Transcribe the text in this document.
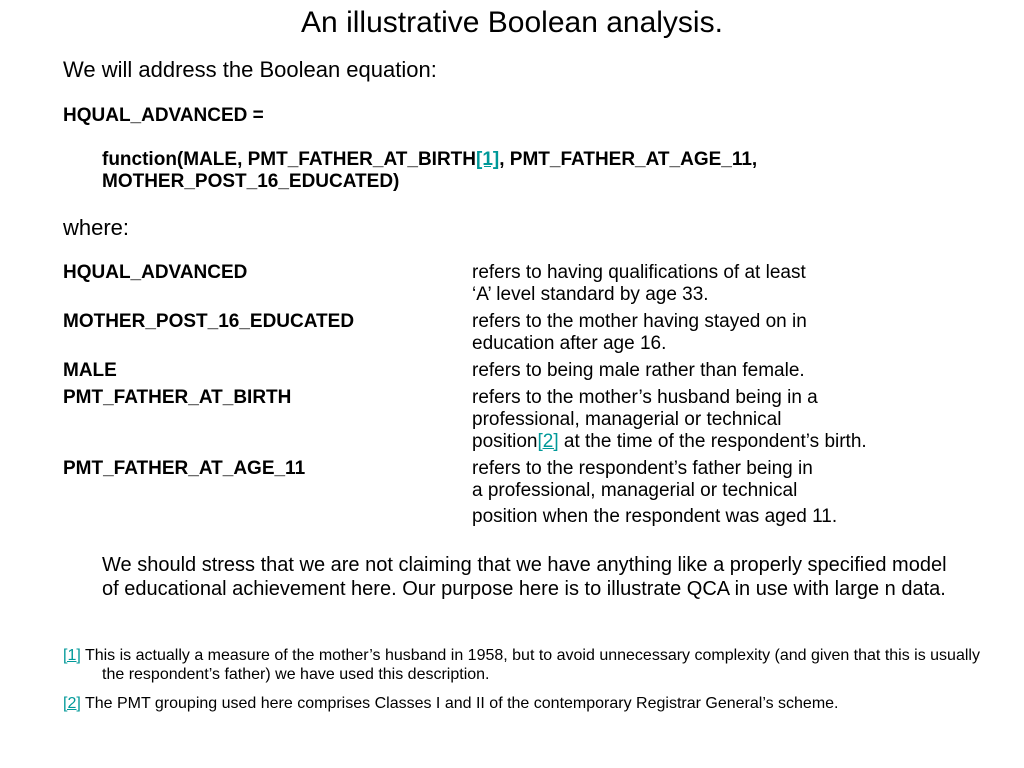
An illustrative Boolean analysis.
We will address the Boolean equation:
HQUAL_ADVANCED =
function(MALE, PMT_FATHER_AT_BIRTH[1], PMT_FATHER_AT_AGE_11, MOTHER_POST_16_EDUCATED)
where:
HQUAL_ADVANCED	refers to having qualifications of at least
‘A’ level standard by age 33.
MOTHER_POST_16_EDUCATED	refers to the mother having stayed on in
education after age 16.
MALE	refers to being male rather than female.
PMT_FATHER_AT_BIRTH	refers to the mother’s husband being in a
professional, managerial or technical
position[2] at the time of the respondent’s birth.
PMT_FATHER_AT_AGE_11	refers to the respondent’s father being in
a professional, managerial or technical
position when the respondent was aged 11.
We should stress that we are not claiming that we have anything like a properly specified model of educational achievement here. Our purpose here is to illustrate QCA in use with large n data.
[1] This is actually a measure of the mother’s husband in 1958, but to avoid unnecessary complexity (and given that this is usually the respondent’s father) we have used this description.
[2] The PMT grouping used here comprises Classes I and II of the contemporary Registrar General’s scheme.
